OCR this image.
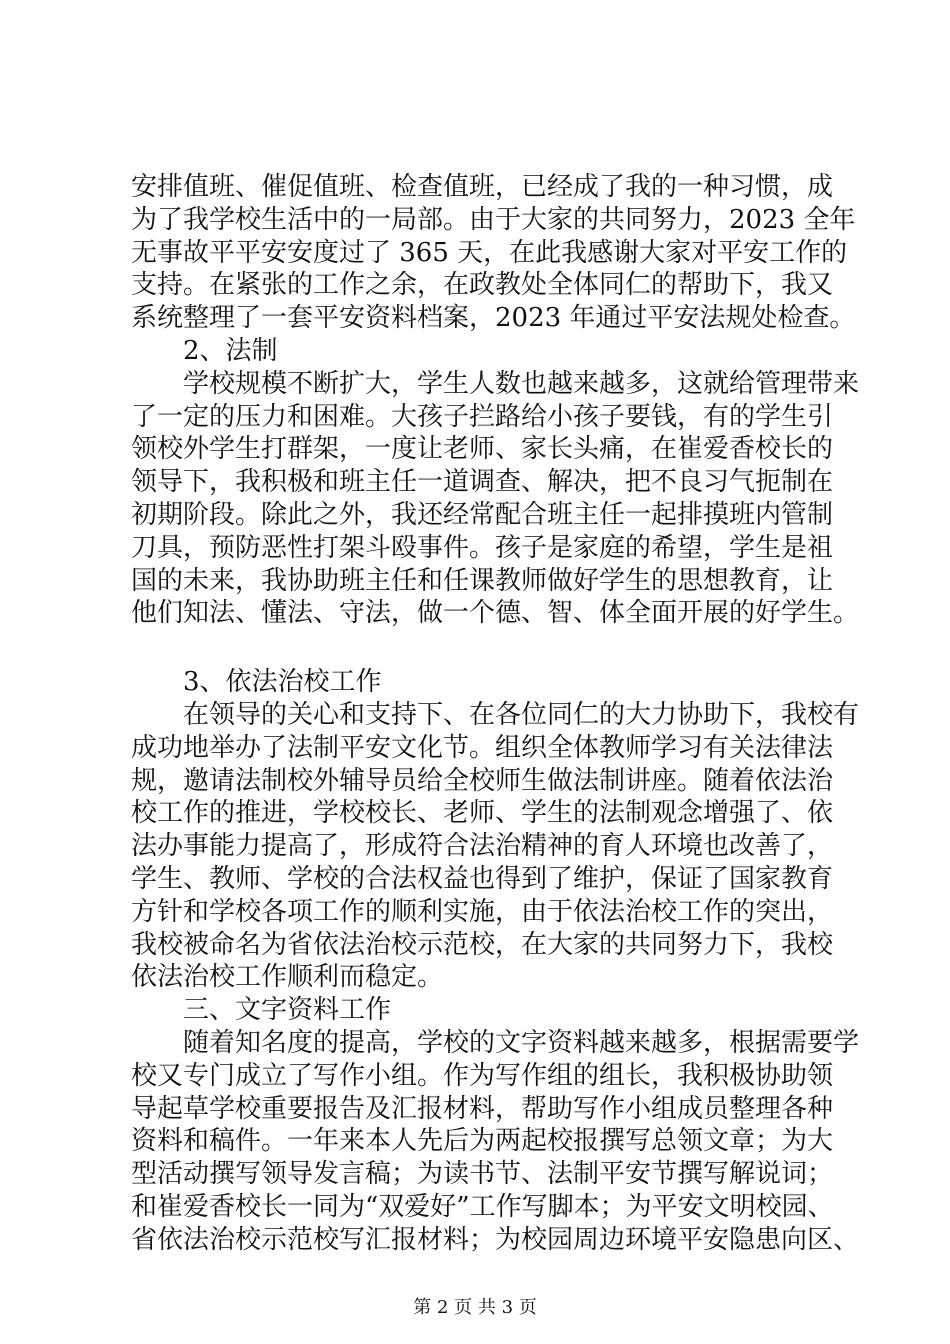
安排值班、催促值班、检查值班，已经成了我的一种习惯，成
为了我学校生活中的一局部。由于大家的共同努力，2023 全年
无事故平平安安度过了 365 天，在此我感谢大家对平安工作的
支持。在紧张的工作之余，在政教处全体同仁的帮助下，我又
系统整理了一套平安资料档案，2023 年通过平安法规处检查。
　　2、法制
　　学校规模不断扩大，学生人数也越来越多，这就给管理带来
了一定的压力和困难。大孩子拦路给小孩子要钱，有的学生引
领校外学生打群架，一度让老师、家长头痛，在崔爱香校长的
领导下，我积极和班主任一道调查、解决，把不良习气扼制在
初期阶段。除此之外，我还经常配合班主任一起排摸班内管制
刀具，预防恶性打架斗殴事件。孩子是家庭的希望，学生是祖
国的未来，我协助班主任和任课教师做好学生的思想教育，让
他们知法、懂法、守法，做一个德、智、体全面开展的好学生。
　　3、依法治校工作
　　在领导的关心和支持下、在各位同仁的大力协助下，我校有
成功地举办了法制平安文化节。组织全体教师学习有关法律法
规，邀请法制校外辅导员给全校师生做法制讲座。随着依法治
校工作的推进，学校校长、老师、学生的法制观念增强了、依
法办事能力提高了，形成符合法治精神的育人环境也改善了，
学生、教师、学校的合法权益也得到了维护，保证了国家教育
方针和学校各项工作的顺利实施，由于依法治校工作的突出，
我校被命名为省依法治校示范校，在大家的共同努力下，我校
依法治校工作顺利而稳定。
　　三、文字资料工作
　　随着知名度的提高，学校的文字资料越来越多，根据需要学
校又专门成立了写作小组。作为写作组的组长，我积极协助领
导起草学校重要报告及汇报材料，帮助写作小组成员整理各种
资料和稿件。一年来本人先后为两起校报撰写总领文章；为大
型活动撰写领导发言稿；为读书节、法制平安节撰写解说词；
和崔爱香校长一同为“双爱好”工作写脚本；为平安文明校园、
省依法治校示范校写汇报材料；为校园周边环境平安隐患向区、
第 2 页 共 3 页
